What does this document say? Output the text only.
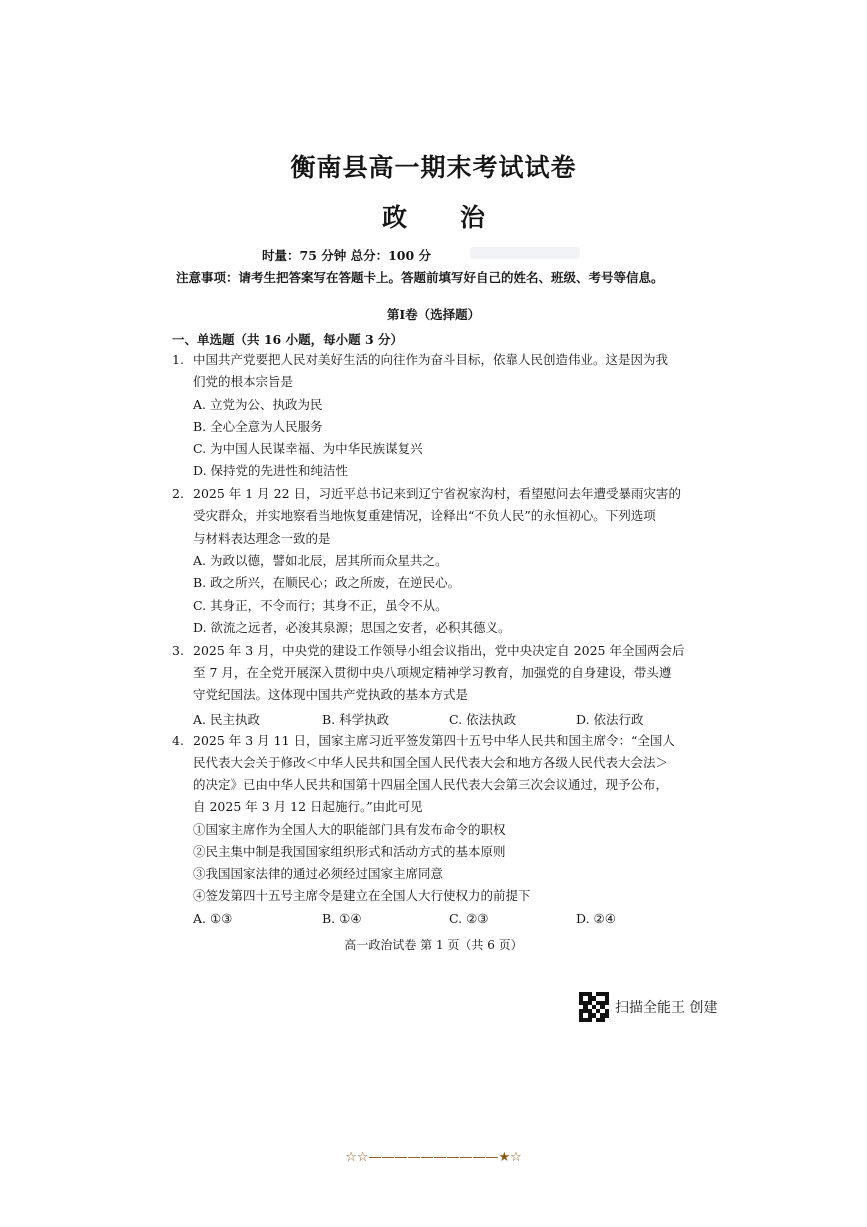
衡南县高一期末考试试卷
政 治
时量：75 分钟 总分：100 分
注意事项：请考生把答案写在答题卡上。答题前填写好自己的姓名、班级、考号等信息。
第Ⅰ卷（选择题）
一、单选题（共 16 小题，每小题 3 分）
1. 中国共产党要把人民对美好生活的向往作为奋斗目标，依靠人民创造伟业。这是因为我
们党的根本宗旨是
A. 立党为公、执政为民
B. 全心全意为人民服务
C. 为中国人民谋幸福、为中华民族谋复兴
D. 保持党的先进性和纯洁性
2. 2025 年 1 月 22 日，习近平总书记来到辽宁省祝家沟村，看望慰问去年遭受暴雨灾害的
受灾群众，并实地察看当地恢复重建情况，诠释出“不负人民”的永恒初心。下列选项
与材料表达理念一致的是
A. 为政以德，譬如北辰，居其所而众星共之。
B. 政之所兴，在顺民心；政之所废，在逆民心。
C. 其身正，不令而行；其身不正，虽令不从。
D. 欲流之远者，必浚其泉源；思国之安者，必积其德义。
3. 2025 年 3 月，中央党的建设工作领导小组会议指出，党中央决定自 2025 年全国两会后
至 7 月，在全党开展深入贯彻中央八项规定精神学习教育，加强党的自身建设，带头遵
守党纪国法。这体现中国共产党执政的基本方式是
A. 民主执政	B. 科学执政	C. 依法执政	D. 依法行政
4. 2025 年 3 月 11 日，国家主席习近平签发第四十五号中华人民共和国主席令：“全国人
民代表大会关于修改＜中华人民共和国全国人民代表大会和地方各级人民代表大会法＞
的决定》已由中华人民共和国第十四届全国人民代表大会第三次会议通过，现予公布，
自 2025 年 3 月 12 日起施行。”由此可见
①国家主席作为全国人大的职能部门具有发布命令的职权
②民主集中制是我国国家组织形式和活动方式的基本原则
③我国国家法律的通过必须经过国家主席同意
④签发第四十五号主席令是建立在全国人大行使权力的前提下
A. ①③	B. ①④	C. ②③	D. ②④
高一政治试卷 第 1 页（共 6 页）
扫描全能王 创建
☆☆——————————★☆
